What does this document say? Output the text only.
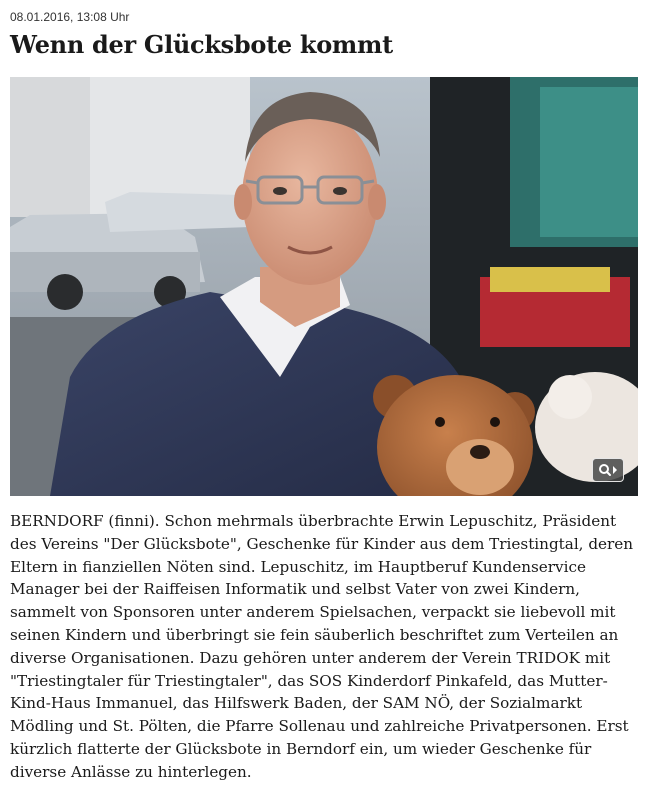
08.01.2016, 13:08 Uhr
Wenn der Glücksbote kommt

BERNDORF (finni). Schon mehrmals überbrachte Erwin Lepuschitz, Präsident des Vereins "Der Glücksbote", Geschenke für Kinder aus dem Triestingtal, deren Eltern in fianziellen Nöten sind. Lepuschitz, im Hauptberuf Kundenservice Manager bei der Raiffeisen Informatik und selbst Vater von zwei Kindern, sammelt von Sponsoren unter anderem Spielsachen, verpackt sie liebevoll mit seinen Kindern und überbringt sie fein säuberlich beschriftet zum Verteilen an diverse Organisationen. Dazu gehören unter anderem der Verein TRIDOK mit "Triestingtaler für Triestingtaler", das SOS Kinderdorf Pinkafeld, das Mutter-Kind-Haus Immanuel, das Hilfswerk Baden, der SAM NÖ, der Sozialmarkt Mödling und St. Pölten, die Pfarre Sollenau und zahlreiche Privatpersonen. Erst kürzlich flatterte der Glücksbote in Berndorf ein, um wieder Geschenke für diverse Anlässe zu hinterlegen.
